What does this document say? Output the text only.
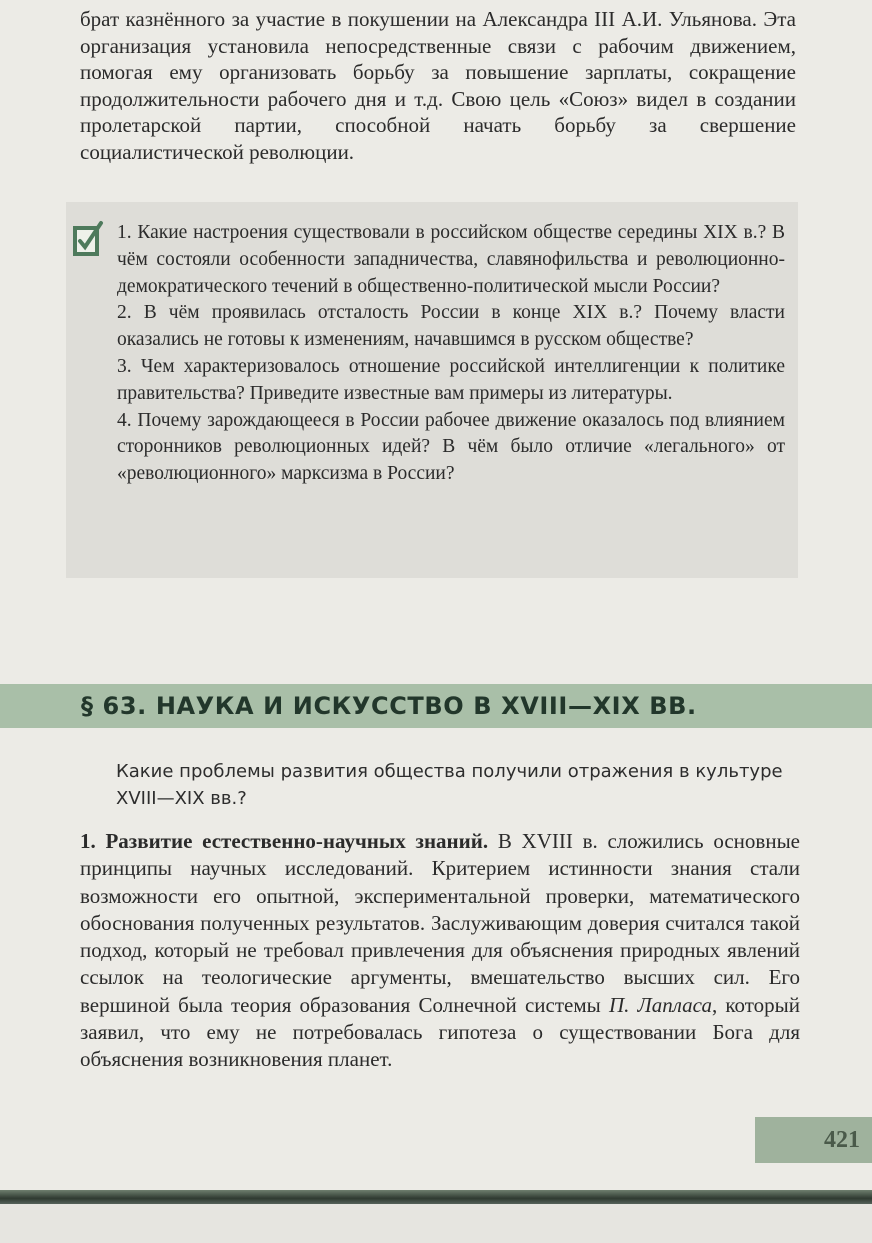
брат казнённого за участие в покушении на Александра III А.И. Ульянова. Эта организация установила непосредственные связи с рабочим движением, помогая ему организовать борьбу за повышение зарплаты, сокращение продолжительности рабочего дня и т.д. Свою цель «Союз» видел в создании пролетарской партии, способной начать борьбу за свершение социалистической революции.

1. Какие настроения существовали в российском обществе середины XIX в.? В чём состояли особенности западничества, славянофильства и революционно-демократического течений в общественно-политической мысли России?

2. В чём проявилась отсталость России в конце XIX в.? Почему власти оказались не готовы к изменениям, начавшимся в русском обществе?

3. Чем характеризовалось отношение российской интеллигенции к политике правительства? Приведите известные вам примеры из литературы.

4. Почему зарождающееся в России рабочее движение оказалось под влиянием сторонников революционных идей? В чём было отличие «легального» от «революционного» марксизма в России?

§ 63. НАУКА И ИСКУССТВО В XVIII—XIX ВВ.
Какие проблемы развития общества получили отражения в культуре XVIII—XIX вв.?
1. Развитие естественно-научных знаний. В XVIII в. сложились основные принципы научных исследований. Критерием истинности знания стали возможности его опытной, экспериментальной проверки, математического обоснования полученных результатов. Заслуживающим доверия считался такой подход, который не требовал привлечения для объяснения природных явлений ссылок на теологические аргументы, вмешательство высших сил. Его вершиной была теория образования Солнечной системы П. Лапласа, который заявил, что ему не потребовалась гипотеза о существовании Бога для объяснения возникновения планет.
421
